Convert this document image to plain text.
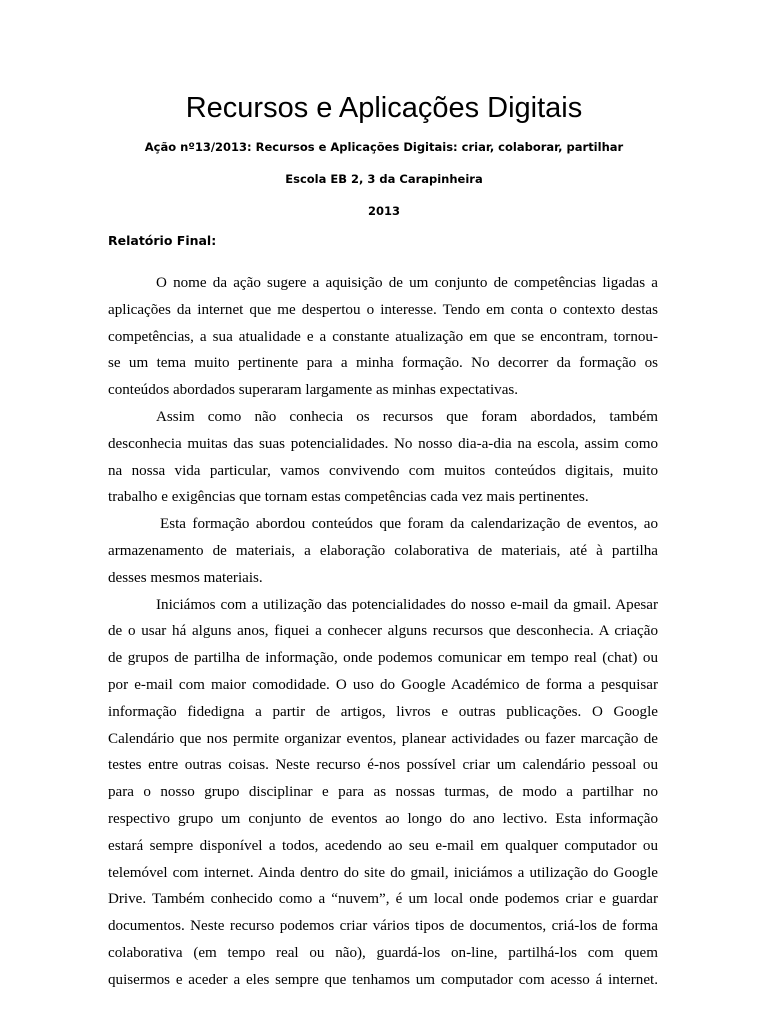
Recursos e Aplicações Digitais
Ação nº13/2013: Recursos e Aplicações Digitais: criar, colaborar, partilhar
Escola EB 2, 3 da Carapinheira
2013
Relatório Final:
O nome da ação sugere a aquisição de um conjunto de competências ligadas a
aplicações da internet que me despertou o interesse. Tendo em conta o contexto destas
competências, a sua atualidade e a constante atualização em que se encontram, tornou-
se um tema muito pertinente para a minha formação. No decorrer da formação os
conteúdos abordados superaram largamente as minhas expectativas.
Assim como não conhecia os recursos que foram abordados, também
desconhecia muitas das suas potencialidades. No nosso dia-a-dia na escola, assim como
na nossa vida particular, vamos convivendo com muitos conteúdos digitais, muito
trabalho e exigências que tornam estas competências cada vez mais pertinentes.
Esta formação abordou conteúdos que foram da calendarização de eventos, ao
armazenamento de materiais, a elaboração colaborativa de materiais, até à partilha
desses mesmos materiais.
Iniciámos com a utilização das potencialidades do nosso e-mail da gmail. Apesar
de o usar há alguns anos, fiquei a conhecer alguns recursos que desconhecia. A criação
de grupos de partilha de informação, onde podemos comunicar em tempo real (chat) ou
por e-mail com maior comodidade. O uso do Google Académico de forma a pesquisar
informação fidedigna a partir de artigos, livros e outras publicações. O Google
Calendário que nos permite organizar eventos, planear actividades ou fazer marcação de
testes entre outras coisas. Neste recurso é-nos possível criar um calendário pessoal ou
para o nosso grupo disciplinar e para as nossas turmas, de modo a partilhar no
respectivo grupo um conjunto de eventos ao longo do ano lectivo. Esta informação
estará sempre disponível a todos, acedendo ao seu e-mail em qualquer computador ou
telemóvel com internet. Ainda dentro do site do gmail, iniciámos a utilização do Google
Drive. Também conhecido como a “nuvem”, é um local onde podemos criar e guardar
documentos. Neste recurso podemos criar vários tipos de documentos, criá-los de forma
colaborativa (em tempo real ou não), guardá-los on-line, partilhá-los com quem
quisermos e aceder a eles sempre que tenhamos um computador com acesso á internet.
